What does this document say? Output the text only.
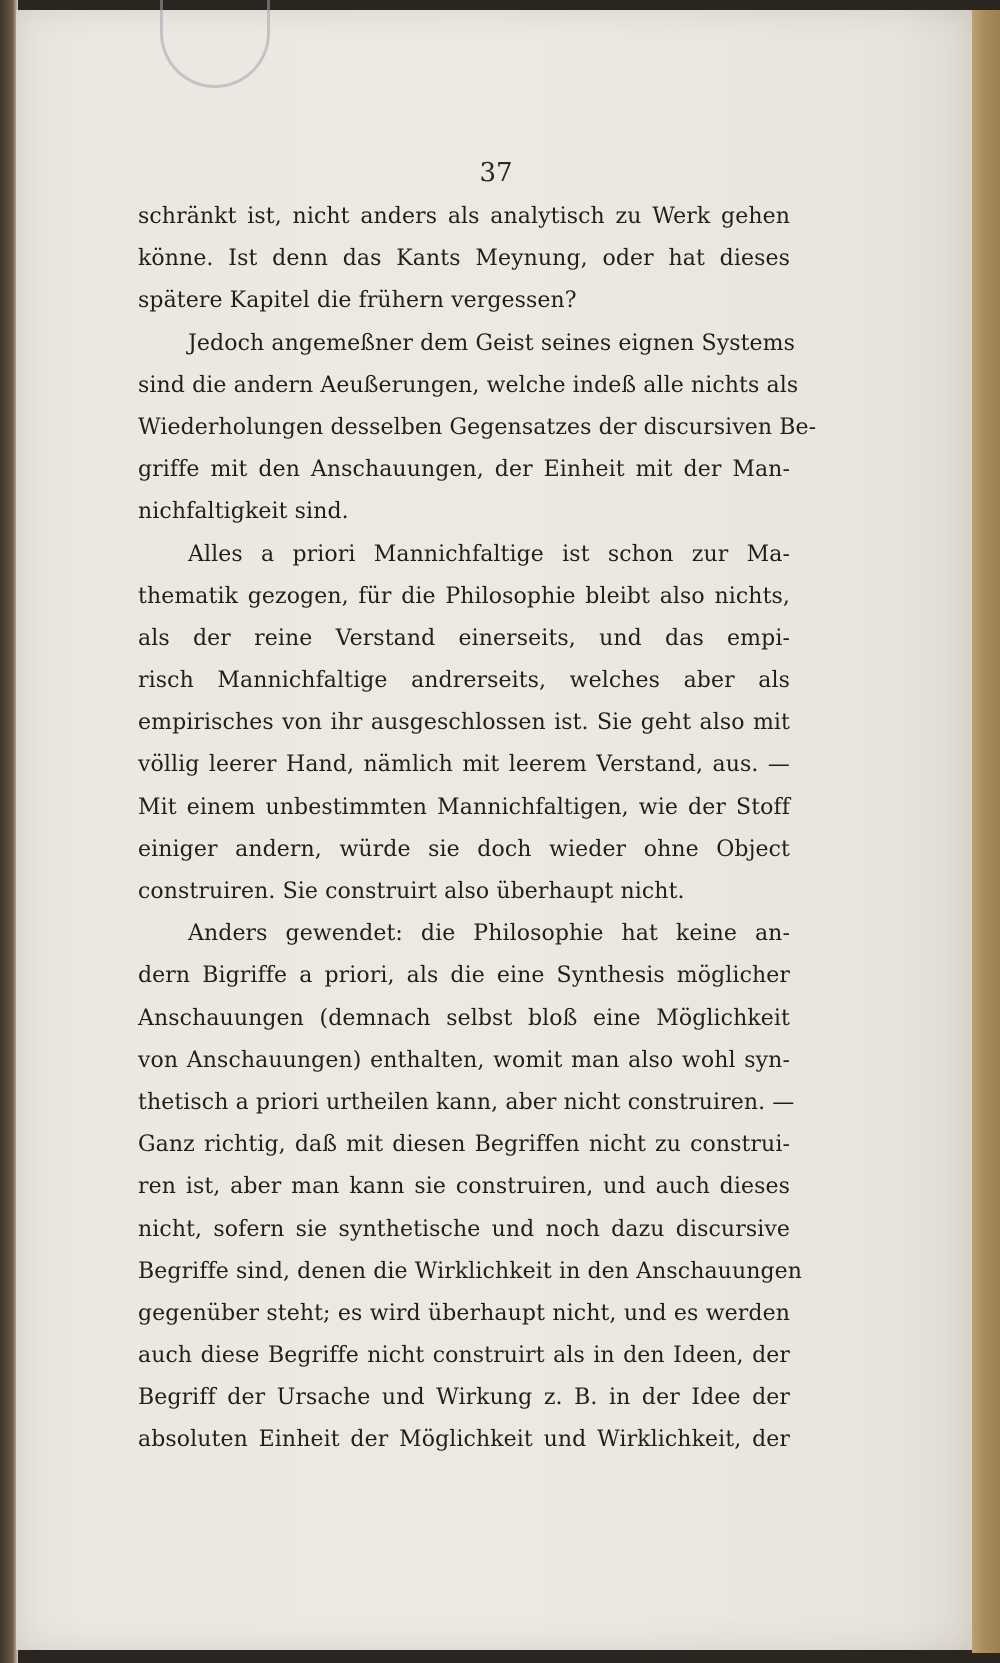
37

schränkt ist, nicht anders als analytisch zu Werk gehen
könne. Ist denn das Kants Meynung, oder hat dieses
spätere Kapitel die frühern vergessen?
Jedoch angemeßner dem Geist seines eignen Systems
sind die andern Aeußerungen, welche indeß alle nichts als
Wiederholungen desselben Gegensatzes der discursiven Be-
griffe mit den Anschauungen, der Einheit mit der Man-
nichfaltigkeit sind.
Alles a priori Mannichfaltige ist schon zur Ma-
thematik gezogen, für die Philosophie bleibt also nichts,
als der reine Verstand einerseits, und das empi-
risch Mannichfaltige andrerseits, welches aber als
empirisches von ihr ausgeschlossen ist. Sie geht also mit
völlig leerer Hand, nämlich mit leerem Verstand, aus. —
Mit einem unbestimmten Mannichfaltigen, wie der Stoff
einiger andern, würde sie doch wieder ohne Object
construiren. Sie construirt also überhaupt nicht.
Anders gewendet: die Philosophie hat keine an-
dern Bigriffe a priori, als die eine Synthesis möglicher
Anschauungen (demnach selbst bloß eine Möglichkeit
von Anschauungen) enthalten, womit man also wohl syn-
thetisch a priori urtheilen kann, aber nicht construiren. —
Ganz richtig, daß mit diesen Begriffen nicht zu construi-
ren ist, aber man kann sie construiren, und auch dieses
nicht, sofern sie synthetische und noch dazu discursive
Begriffe sind, denen die Wirklichkeit in den Anschauungen
gegenüber steht; es wird überhaupt nicht, und es werden
auch diese Begriffe nicht construirt als in den Ideen, der
Begriff der Ursache und Wirkung z. B. in der Idee der
absoluten Einheit der Möglichkeit und Wirklichkeit, der
